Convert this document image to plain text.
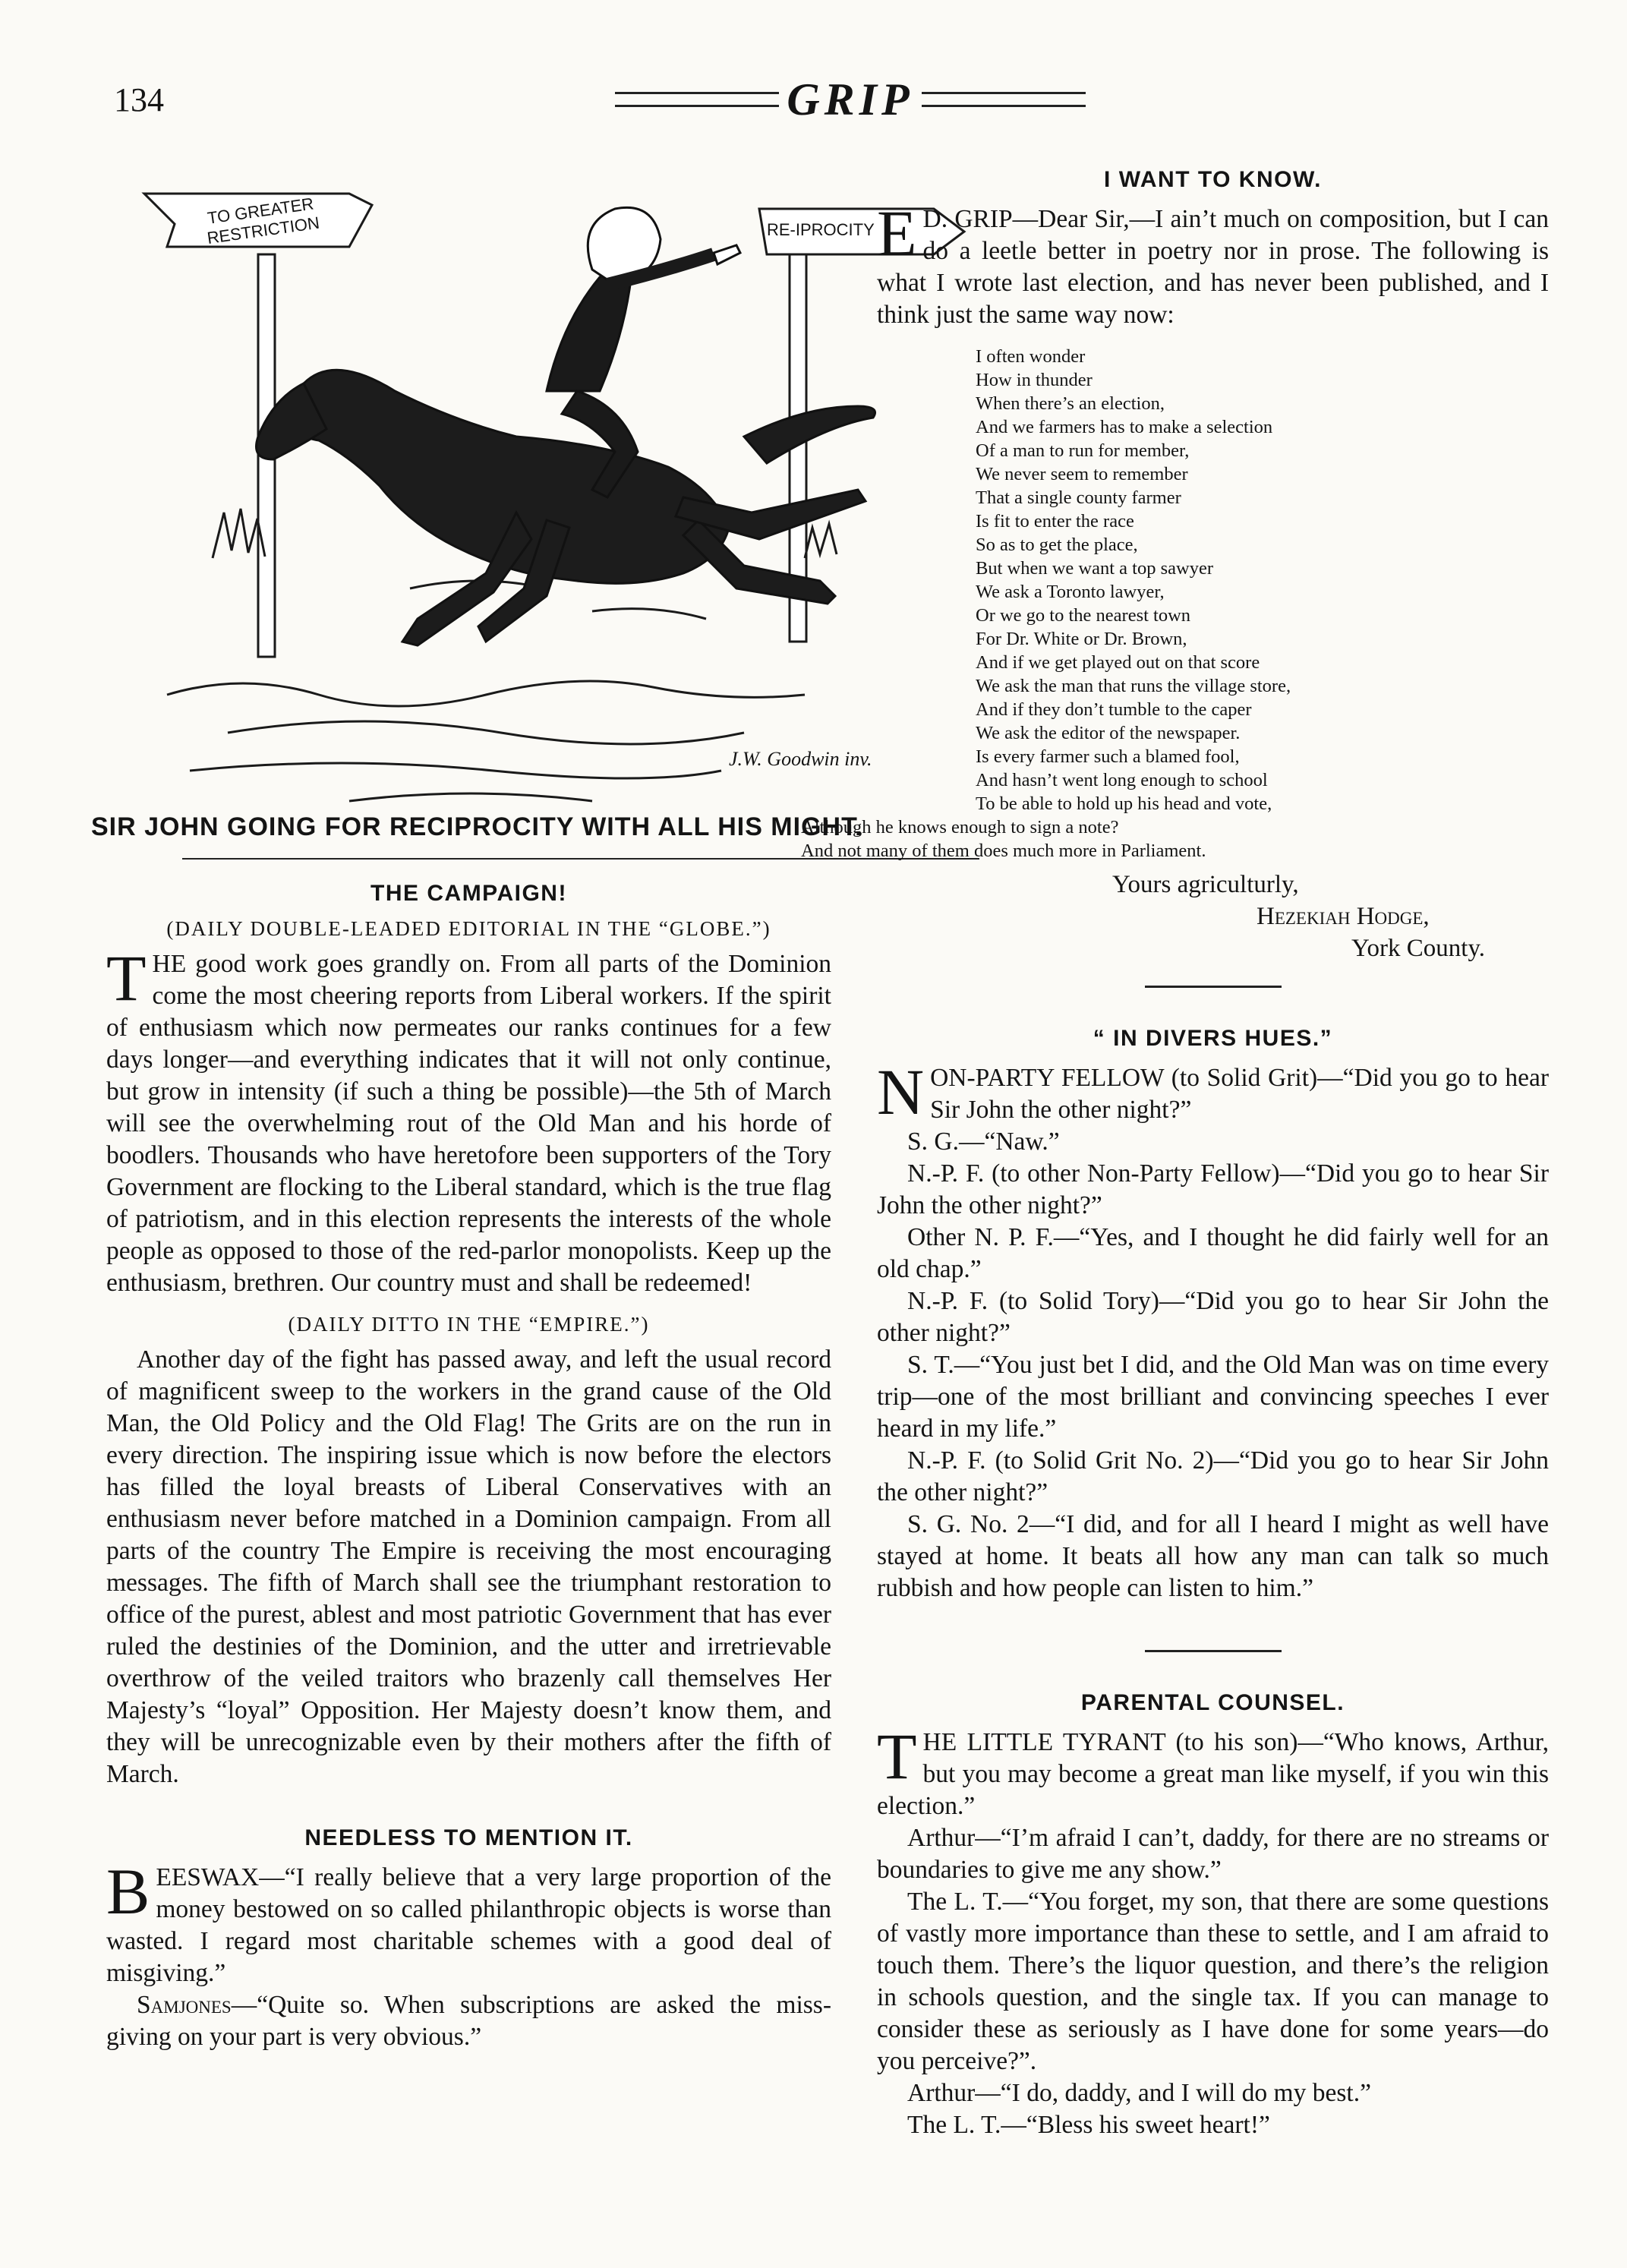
134	GRIP
SIR JOHN GOING FOR RECIPROCITY WITH ALL HIS MIGHT.
THE CAMPAIGN!
(DAILY DOUBLE-LEADED EDITORIAL IN THE “GLOBE.”)

THE good work goes grandly on. From all parts of the Dominion come the most cheering reports from Liberal workers. If the spirit of enthusiasm which now permeates our ranks continues for a few days longer—and everything indicates that it will not only continue, but grow in intensity (if such a thing be possible)—the 5th of March will see the overwhelming rout of the Old Man and his horde of boodlers. Thousands who have heretofore been supporters of the Tory Government are flocking to the Liberal standard, which is the true flag of patriotism, and in this election represents the interests of the whole people as opposed to those of the red-parlor monopolists. Keep up the enthusiasm, brethren. Our country must and shall be redeemed!

(DAILY DITTO IN THE “EMPIRE.”)

Another day of the fight has passed away, and left the usual record of magnificent sweep to the workers in the grand cause of the Old Man, the Old Policy and the Old Flag! The Grits are on the run in every direction. The inspiring issue which is now before the electors has filled the loyal breasts of Liberal Conservatives with an enthusiasm never before matched in a Dominion campaign. From all parts of the country The Empire is receiving the most encouraging messages. The fifth of March shall see the triumphant restoration to office of the purest, ablest and most patriotic Government that has ever ruled the destinies of the Dominion, and the utter and irretrievable overthrow of the veiled traitors who brazenly call themselves Her Majesty’s “loyal” Opposition. Her Majesty doesn’t know them, and they will be unrecognizable even by their mothers after the fifth of March.

NEEDLESS TO MENTION IT.

BEESWAX—“I really believe that a very large proportion of the money bestowed on so called philanthropic objects is worse than wasted. I regard most charitable schemes with a good deal of misgiving.”

Samjones—“Quite so. When subscriptions are asked the miss-giving on your part is very obvious.”

I WANT TO KNOW.

E D. GRIP—Dear Sir,—I ain’t much on composition, but I can do a leetle better in poetry nor in prose. The following is what I wrote last election, and has never been published, and I think just the same way now:

I often wonder
How in thunder
When there’s an election,
And we farmers has to make a selection
Of a man to run for member,
We never seem to remember
That a single county farmer
Is fit to enter the race
So as to get the place,
But when we want a top sawyer
We ask a Toronto lawyer,
Or we go to the nearest town
For Dr. White or Dr. Brown,
And if we get played out on that score
We ask the man that runs the village store,
And if they don’t tumble to the caper
We ask the editor of the newspaper.
Is every farmer such a blamed fool,
And hasn’t went long enough to school
To be able to hold up his head and vote,
Although he knows enough to sign a note?
And not many of them does much more in Parliament.
Yours agriculturly,
Hezekiah Hodge,
York County.
“ IN DIVERS HUES.”

NON-PARTY FELLOW (to Solid Grit)—“Did you go to hear Sir John the other night?”

S. G.—“Naw.”

N.-P. F. (to other Non-Party Fellow)—“Did you go to hear Sir John the other night?”

Other N. P. F.—“Yes, and I thought he did fairly well for an old chap.”

N.-P. F. (to Solid Tory)—“Did you go to hear Sir John the other night?”

S. T.—“You just bet I did, and the Old Man was on time every trip—one of the most brilliant and convincing speeches I ever heard in my life.”

N.-P. F. (to Solid Grit No. 2)—“Did you go to hear Sir John the other night?”

S. G. No. 2—“I did, and for all I heard I might as well have stayed at home. It beats all how any man can talk so much rubbish and how people can listen to him.”

PARENTAL COUNSEL.

THE LITTLE TYRANT (to his son)—“Who knows, Arthur, but you may become a great man like myself, if you win this election.”

Arthur—“I’m afraid I can’t, daddy, for there are no streams or boundaries to give me any show.”

The L. T.—“You forget, my son, that there are some questions of vastly more importance than these to settle, and I am afraid to touch them. There’s the liquor question, and there’s the religion in schools question, and the single tax. If you can manage to consider these as seriously as I have done for some years—do you perceive?”.

Arthur—“I do, daddy, and I will do my best.”

The L. T.—“Bless his sweet heart!”

TO GREATER RESTRICTION	RE-IPROCITY
J.W. Goodwin inv.
